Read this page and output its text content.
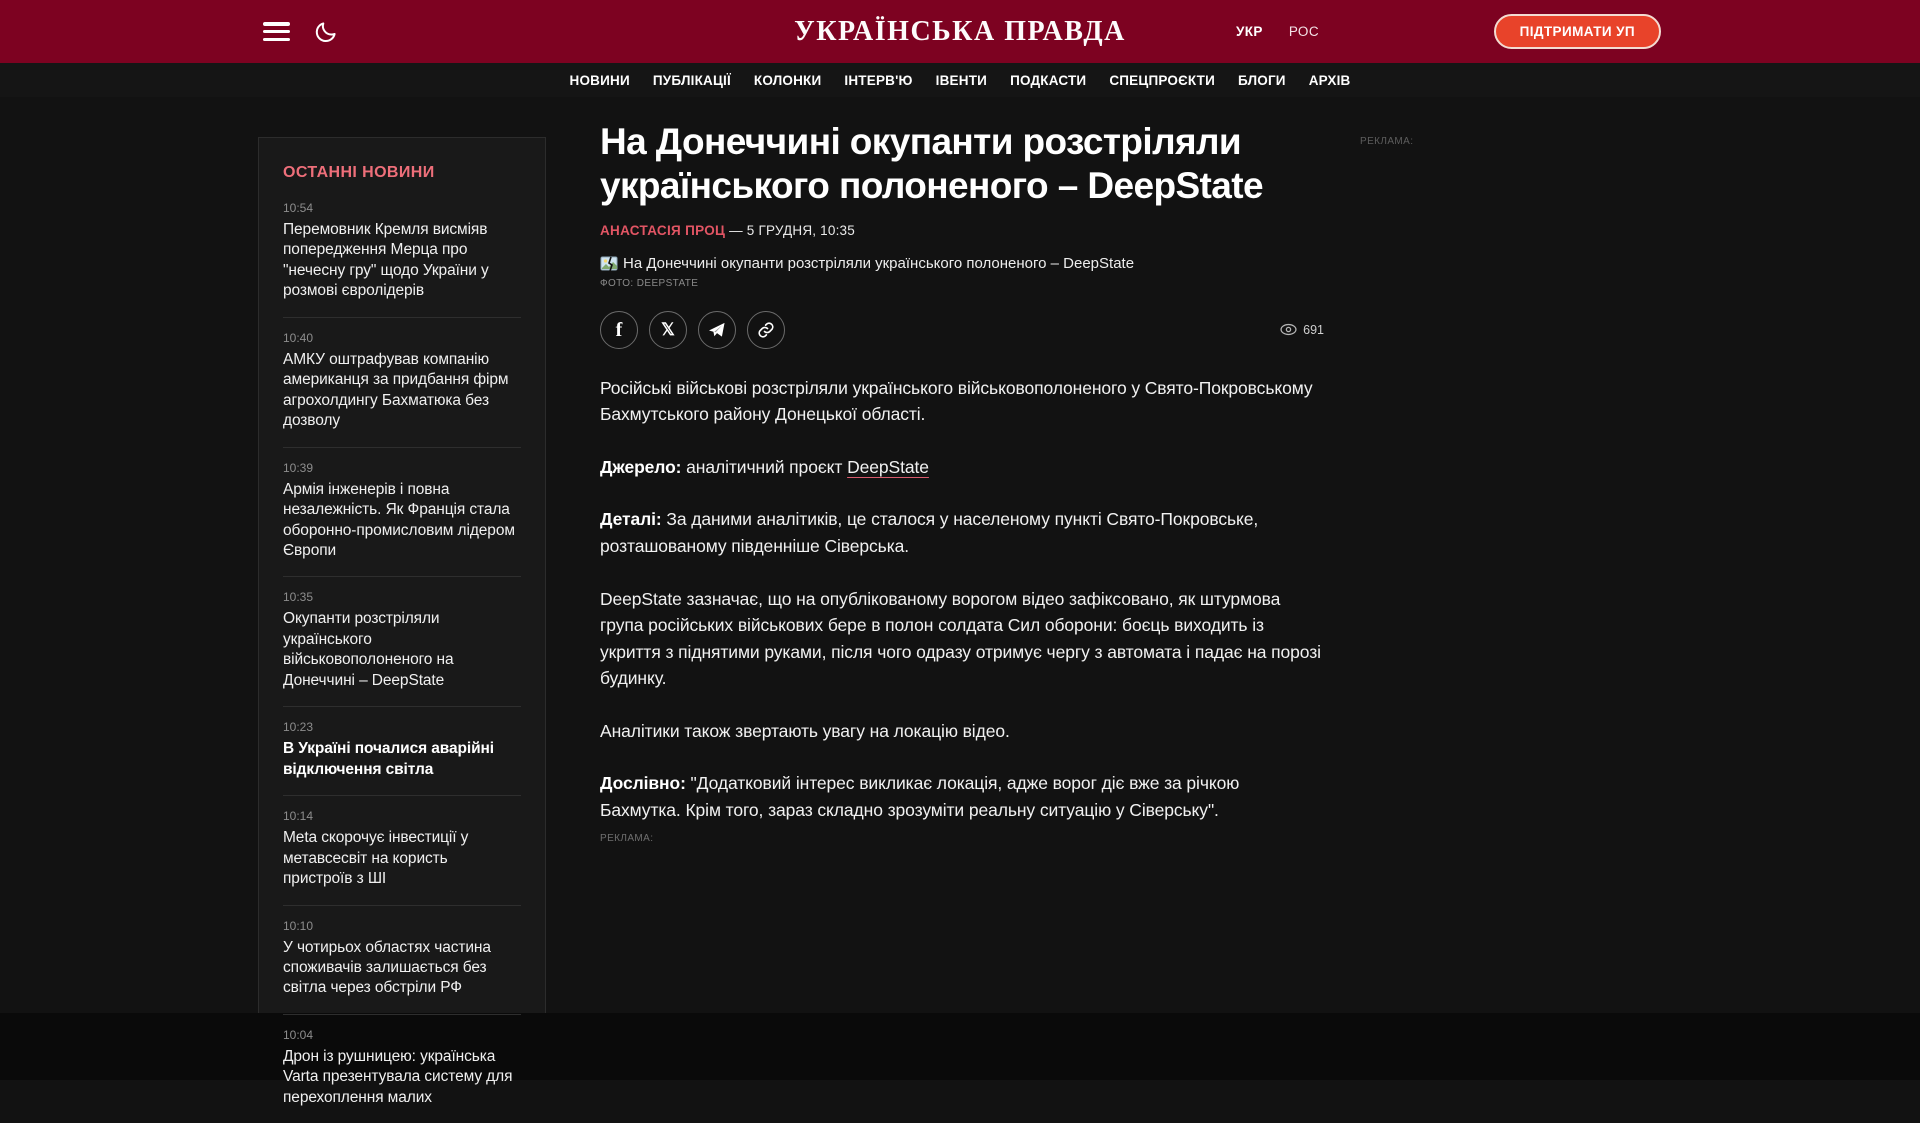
УКРАЇНСЬКА ПРАВДА	УКР РОС	ПІДТРИМАТИ УП
НОВИНИ ПУБЛІКАЦІЇ КОЛОНКИ ІНТЕРВ'Ю ІВЕНТИ ПОДКАСТИ СПЕЦПРОЄКТИ БЛОГИ АРХІВ
ОСТАННІ НОВИНИ
10:54
Перемовник Кремля висміяв попередження Мерца про "нечесну гру" щодо України у розмові євролідерів
10:40
АМКУ оштрафував компанію американця за придбання фірм агрохолдингу Бахматюка без дозволу
10:39
Армія інженерів і повна незалежність. Як Франція стала оборонно-промисловим лідером Європи
10:35
Окупанти розстріляли українського військовополоненого на Донеччині – DeepState
10:23
В Україні почалися аварійні відключення світла
10:14
Meta скорочує інвестиції у метавсесвіт на користь пристроїв з ШІ
10:10
У чотирьох областях частина споживачів залишається без світла через обстріли РФ
10:04
Дрон із рушницею: українська Varta презентувала систему для перехоплення малих
На Донеччині окупанти розстріляли українського полоненого – DeepState
АНАСТАСІЯ ПРОЦ — 5 ГРУДНЯ, 10:35
На Донеччині окупанти розстріляли українського полоненого – DeepState
ФОТО: DEEPSTATE
f 𝕏	691

Російські військові розстріляли українського військовополоненого у Свято-Покровському Бахмутського району Донецької області.

Джерело: аналітичний проєкт DeepState

Деталі: За даними аналітиків, це сталося у населеному пункті Свято-Покровське, розташованому південніше Сіверська.

DeepState зазначає, що на опублікованому ворогом відео зафіксовано, як штурмова група російських військових бере в полон солдата Сил оборони: боєць виходить із укриття з піднятими руками, після чого одразу отримує чергу з автомата і падає на порозі будинку.

Аналітики також звертають увагу на локацію відео.

Дослівно: "Додатковий інтерес викликає локація, адже ворог діє вже за річкою Бахмутка. Крім того, зараз складно зрозуміти реальну ситуацію у Сіверську".

РЕКЛАМА:
РЕКЛАМА:
